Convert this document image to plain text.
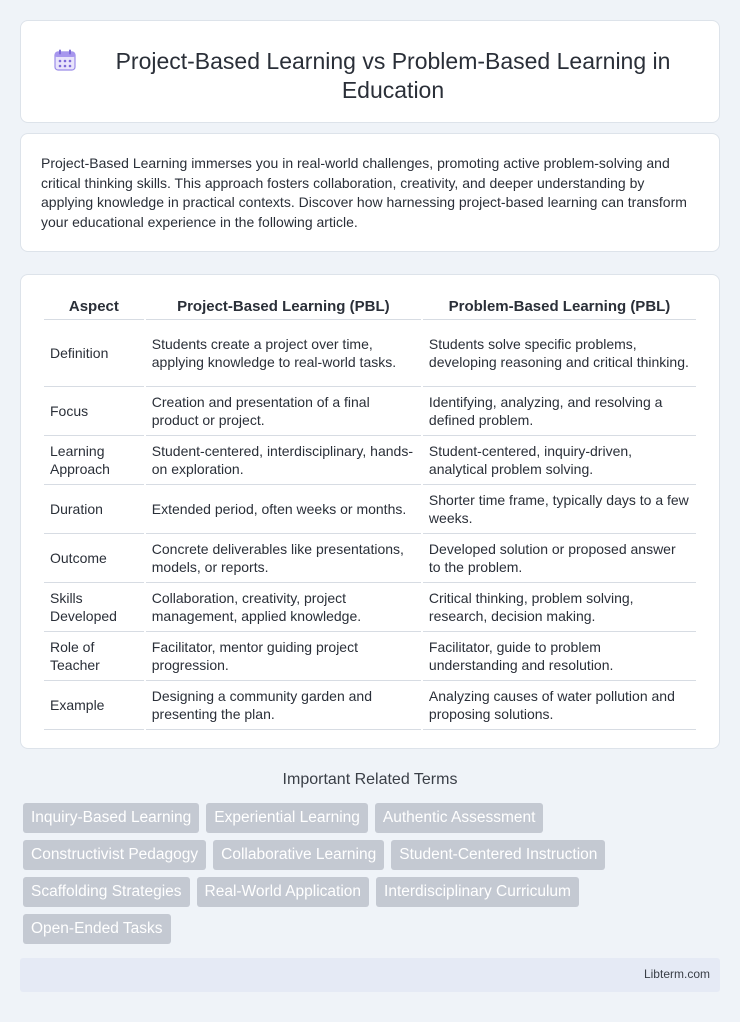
Project-Based Learning vs Problem-Based Learning in Education

Project-Based Learning immerses you in real-world challenges, promoting active problem-solving and critical thinking skills. This approach fosters collaboration, creativity, and deeper understanding by applying knowledge in practical contexts. Discover how harnessing project-based learning can transform your educational experience in the following article.

Aspect	Project-Based Learning (PBL)	Problem-Based Learning (PBL)
Definition	Students create a project over time, applying knowledge to real-world tasks.	Students solve specific problems, developing reasoning and critical thinking.
Focus	Creation and presentation of a final product or project.	Identifying, analyzing, and resolving a defined problem.
Learning Approach	Student-centered, interdisciplinary, hands-on exploration.	Student-centered, inquiry-driven, analytical problem solving.
Duration	Extended period, often weeks or months.	Shorter time frame, typically days to a few weeks.
Outcome	Concrete deliverables like presentations, models, or reports.	Developed solution or proposed answer to the problem.
Skills Developed	Collaboration, creativity, project management, applied knowledge.	Critical thinking, problem solving, research, decision making.
Role of Teacher	Facilitator, mentor guiding project progression.	Facilitator, guide to problem understanding and resolution.
Example	Designing a community garden and presenting the plan.	Analyzing causes of water pollution and proposing solutions.
Important Related Terms
Inquiry-Based Learning	Experiential Learning	Authentic Assessment
Constructivist Pedagogy	Collaborative Learning	Student-Centered Instruction
Scaffolding Strategies	Real-World Application	Interdisciplinary Curriculum
Open-Ended Tasks
Libterm.com
